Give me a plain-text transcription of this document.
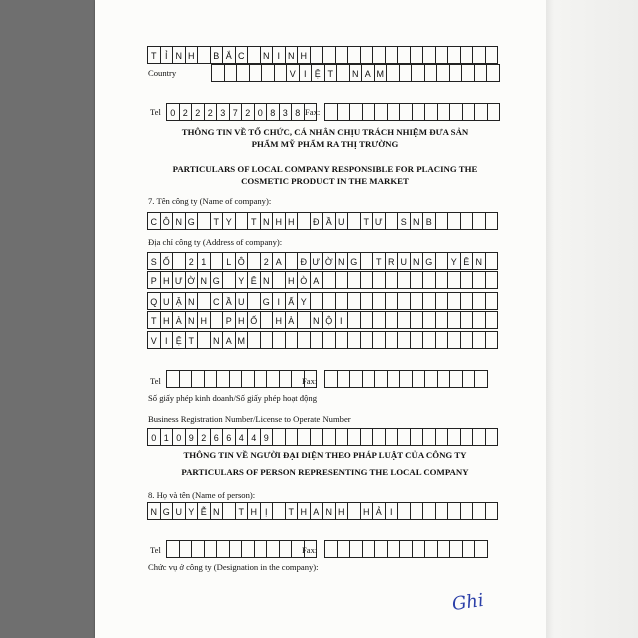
T Ỉ N H	B Ắ C	N I N H
Country	V I Ệ T	N A M
Tel	0 2 2 2 3 7 2 0 8 3 8 Fax:
THÔNG TIN VỀ TỔ CHỨC, CÁ NHÂN CHỊU TRÁCH NHIỆM ĐƯA SẢN
PHẨM MỸ PHẨM RA THỊ TRƯỜNG
PARTICULARS OF LOCAL COMPANY RESPONSIBLE FOR PLACING THE
COSMETIC PRODUCT IN THE MARKET
7. Tên công ty (Name of company):
C Ô N G	T Y	T N H H	Đ Ầ U	T Ư	S N B
Địa chỉ công ty (Address of company):
S Ố	2 1	L Ô	2 A	Đ Ư Ờ N G	T R U N G	Y Ê N
P H Ư Ờ N G	Y Ê N	H Ò A
Q U Ậ N	C Ầ U	G I Ấ Y
T H À N H	P H Ố	H À	N Ộ I
V I Ệ T	N A M
Tel	Fax:
Số giấy phép kinh doanh/Số giấy phép hoạt động
Business Registration Number/License to Operate Number
0 1 0 9 2 6 6 4 4 9
THÔNG TIN VỀ NGƯỜI ĐẠI DIỆN THEO PHÁP LUẬT CỦA CÔNG TY
PARTICULARS OF PERSON REPRESENTING THE LOCAL COMPANY
8. Họ và tên (Name of person):
N G U Y Ễ N	T H Ị	T H A N H	H Ả I
Tel	Fax:
Chức vụ ở công ty (Designation in the company):
Ghi
